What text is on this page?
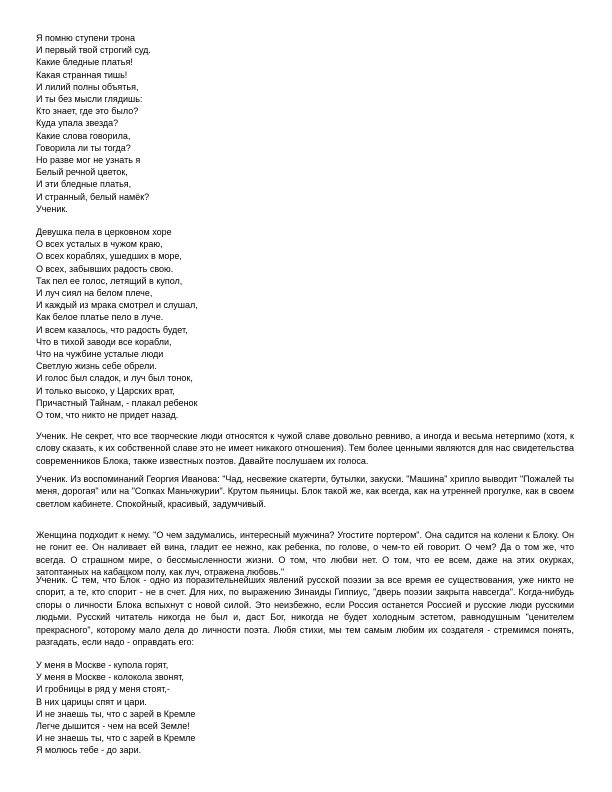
Я помню ступени трона
И первый твой строгий суд.
Какие бледные платья!
Какая странная тишь!
И лилий полны объятья,
И ты без мысли глядишь:
Кто знает, где это было?
Куда упала звезда?
Какие слова говорила,
Говорила ли ты тогда?
Но разве мог не узнать я
Белый речной цветок,
И эти бледные платья,
И странный, белый намёк?
Ученик.
Девушка пела в церковном хоре
О всех усталых в чужом краю,
О всех кораблях, ушедших в море,
О всех, забывших радость свою.
Так пел ее голос, летящий в купол,
И луч сиял на белом плече,
И каждый из мрака смотрел и слушал,
Как белое платье пело в луче.
И всем казалось, что радость будет,
Что в тихой заводи все корабли,
Что на чужбине усталые люди
Светлую жизнь себе обрели.
И голос был сладок, и луч был тонок,
И только высоко, у Царских врат,
Причастный Тайнам, - плакал ребенок
О том, что никто не придет назад.

Ученик. Не секрет, что все творческие люди относятся к чужой славе довольно ревниво, а иногда и весьма нетерпимо (хотя, к слову сказать, к их собственной славе это не имеет никакого отношения). Тем более ценными являются для нас свидетельства современников Блока, также известных поэтов. Давайте послушаем их голоса.

Ученик. Из воспоминаний Георгия Иванова: "Чад, несвежие скатерти, бутылки, закуски. "Машина" хрипло выводит "Пожалей ты меня, дорогая" или на "Сопках Маньчжурии". Крутом пьяницы. Блок такой же, как всегда, как на утренней прогулке, как в своем светлом кабинете. Спокойный, красивый, задумчивый.

Женщина подходит к нему. "О чем задумались, интересный мужчина? Угостите портером". Она садится на колени к Блоку. Он не гонит ее. Он наливает ей вина, гладит ее нежно, как ребенка, по голове, о чем-то ей говорит. О чем? Да о том же, что всегда. О страшном мире, о бессмысленности жизни. О том, что любви нет. О том, что ее всем, даже на этих окурках, затоптанных на кабацком полу, как луч, отражена любовь."

Ученик. С тем, что Блок - одно из поразительнейших явлений русской поэзии за все время ее существования, уже никто не спорит, а те, кто спорит - не в счет. Для них, по выражению Зинаиды Гиппиус, "дверь поэзии закрыта навсегда". Когда-нибудь споры о личности Блока вспыхнут с новой силой. Это неизбежно, если Россия останется Россией и русские люди русскими людьми. Русский читатель никогда не был и, даст Бог, никогда не будет холодным эстетом, равнодушным "ценителем прекрасного", которому мало дела до личности поэта. Любя стихи, мы тем самым любим их создателя - стремимся понять, разгадать, если надо - оправдать его:

У меня в Москве - купола горят,
У меня в Москве - колокола звонят,
И гробницы в ряд у меня стоят,-
В них царицы спят и цари.
И не знаешь ты, что с зарей в Кремле
Легче дышится - чем на всей Земле!
И не знаешь ты, что с зарей в Кремле
Я молюсь тебе - до зари.
